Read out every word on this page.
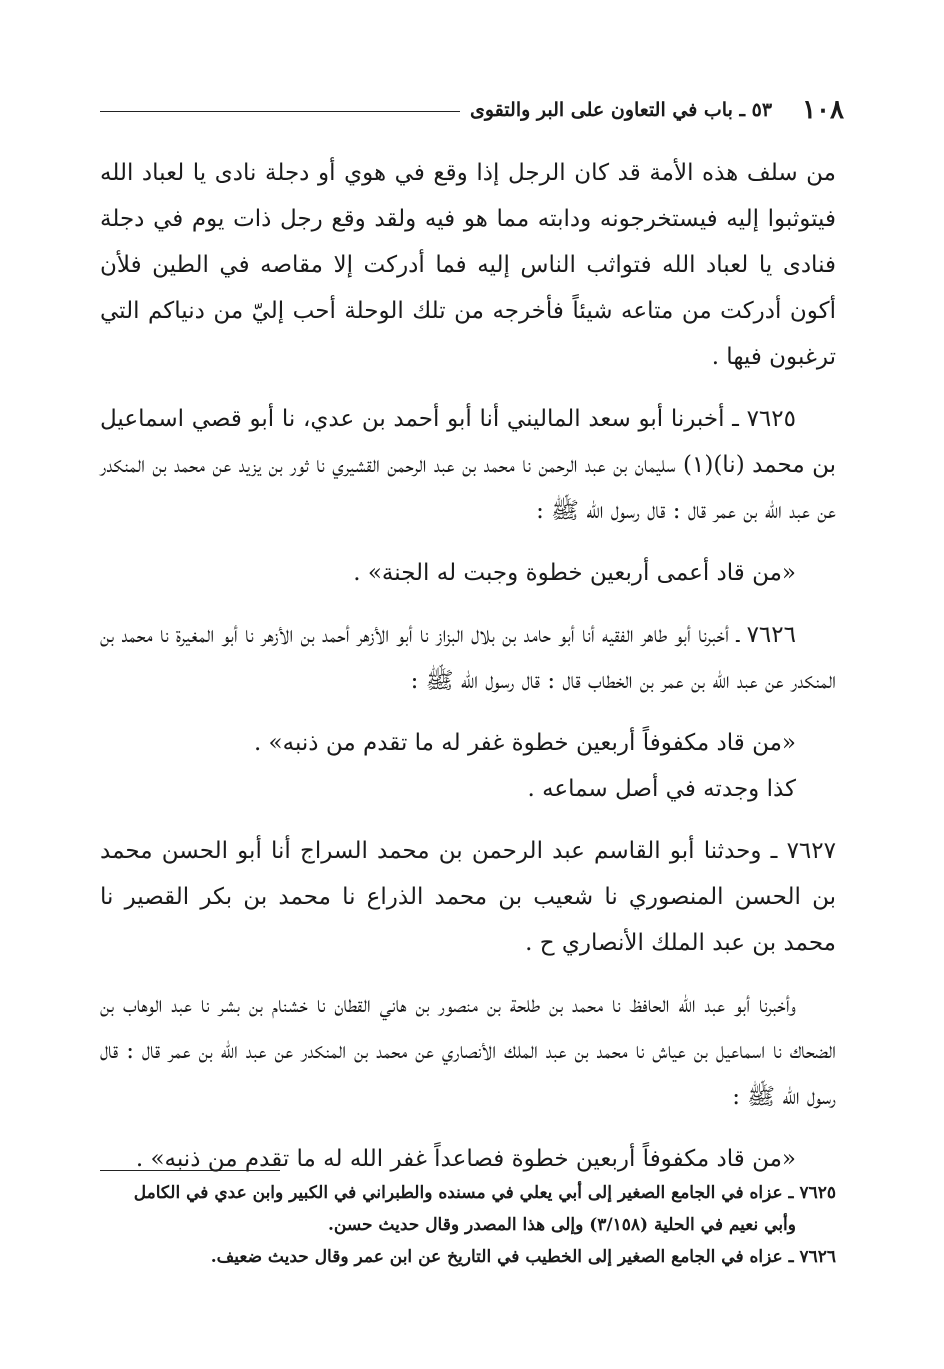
١٠٨
٥٣ ـ باب في التعاون على البر والتقوى

من سلف هذه الأمة قد كان الرجل إذا وقع في هوي أو دجلة نادى يا لعباد الله فيتوثبوا إليه فيستخرجونه ودابته مما هو فيه ولقد وقع رجل ذات يوم في دجلة فنادى يا لعباد الله فتواثب الناس إليه فما أدركت إلا مقاصه في الطين فلأن أكون أدركت من متاعه شيئاً فأخرجه من تلك الوحلة أحب إليّ من دنياكم التي ترغبون فيها .

٧٦٢٥ ـ أخبرنا أبو سعد الماليني أنا أبو أحمد بن عدي، نا أبو قصي اسماعيل بن محمد (نا)(١) سليمان بن عبد الرحمن نا محمد بن عبد الرحمن القشيري نا ثور بن يزيد عن محمد بن المنكدر عن عبد الله بن عمر قال : قال رسول الله ﷺ :

«من قاد أعمى أربعين خطوة وجبت له الجنة» .

٧٦٢٦ ـ أخبرنا أبو طاهر الفقيه أنا أبو حامد بن بلال البزاز نا أبو الأزهر أحمد بن الأزهر نا أبو المغيرة نا محمد بن المنكدر عن عبد الله بن عمر بن الخطاب قال : قال رسول الله ﷺ :

«من قاد مكفوفاً أربعين خطوة غفر له ما تقدم من ذنبه» .

كذا وجدته في أصل سماعه .

٧٦٢٧ ـ وحدثنا أبو القاسم عبد الرحمن بن محمد السراج أنا أبو الحسن محمد بن الحسن المنصوري نا شعيب بن محمد الذراع نا محمد بن بكر القصير نا محمد بن عبد الملك الأنصاري ح .

وأخبرنا أبو عبد الله الحافظ نا محمد بن طلحة بن منصور بن هاني القطان نا خشنام بن بشر نا عبد الوهاب بن الضحاك نا اسماعيل بن عياش نا محمد بن عبد الملك الأنصاري عن محمد بن المنكدر عن عبد الله بن عمر قال : قال رسول الله ﷺ :

«من قاد مكفوفاً أربعين خطوة فصاعداً غفر الله له ما تقدم من ذنبه» .

٧٦٢٥ ـ عزاه في الجامع الصغير إلى أبي يعلي في مسنده والطبراني في الكبير وابن عدي في الكامل

وأبي نعيم في الحلية (٣/١٥٨) وإلى هذا المصدر وقال حديث حسن.

٧٦٢٦ ـ عزاه في الجامع الصغير إلى الخطيب في التاريخ عن ابن عمر وقال حديث ضعيف.
